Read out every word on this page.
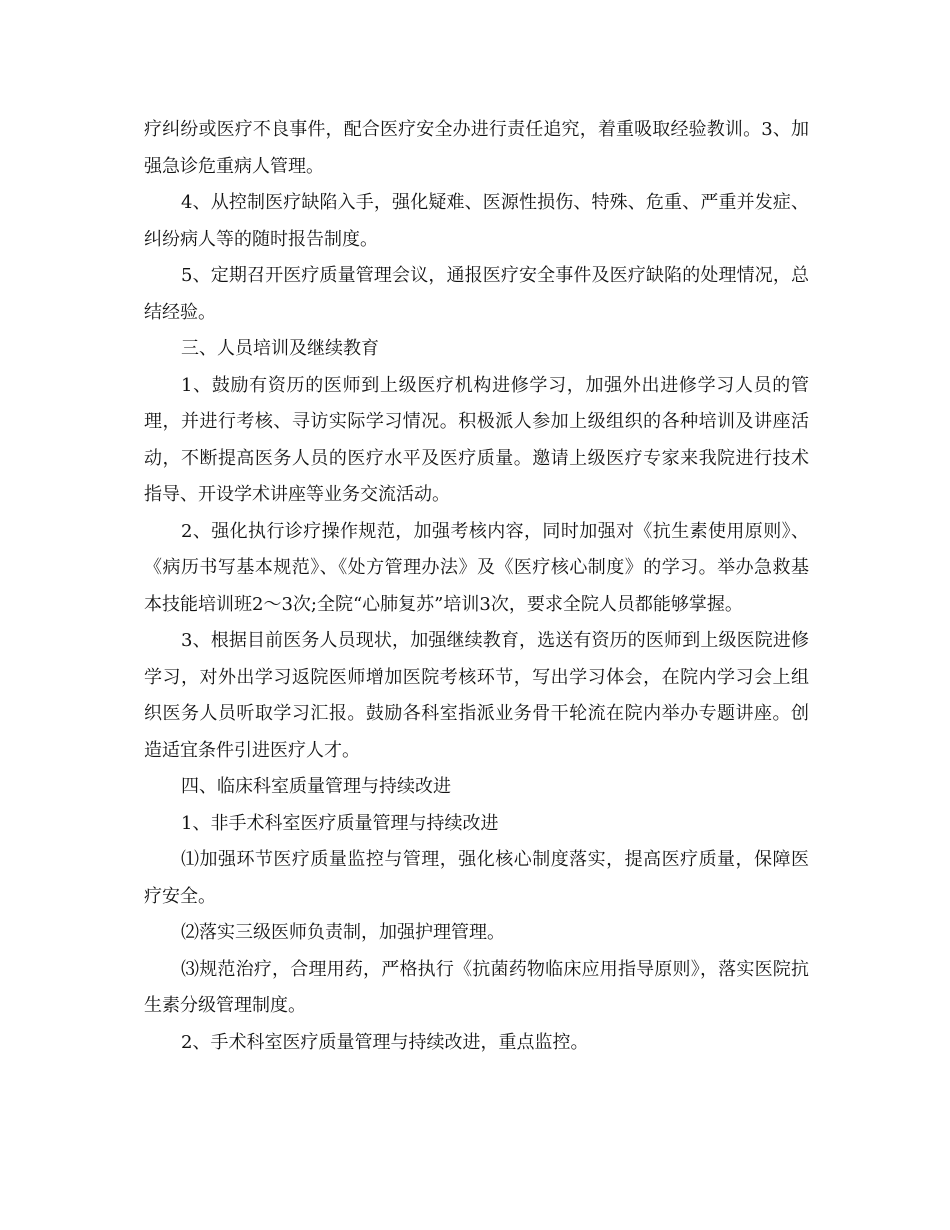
疗纠纷或医疗不良事件，配合医疗安全办进行责任追究，着重吸取经验教训。3、加强急诊危重病人管理。

4、从控制医疗缺陷入手，强化疑难、医源性损伤、特殊、危重、严重并发症、纠纷病人等的随时报告制度。

5、定期召开医疗质量管理会议，通报医疗安全事件及医疗缺陷的处理情况，总结经验。

三、人员培训及继续教育

1、鼓励有资历的医师到上级医疗机构进修学习，加强外出进修学习人员的管理，并进行考核、寻访实际学习情况。积极派人参加上级组织的各种培训及讲座活动，不断提高医务人员的医疗水平及医疗质量。邀请上级医疗专家来我院进行技术指导、开设学术讲座等业务交流活动。

2、强化执行诊疗操作规范，加强考核内容，同时加强对《抗生素使用原则》、《病历书写基本规范》、《处方管理办法》及《医疗核心制度》的学习。举办急救基本技能培训班2～3次;全院“心肺复苏”培训3次，要求全院人员都能够掌握。

3、根据目前医务人员现状，加强继续教育，选送有资历的医师到上级医院进修学习，对外出学习返院医师增加医院考核环节，写出学习体会，在院内学习会上组织医务人员听取学习汇报。鼓励各科室指派业务骨干轮流在院内举办专题讲座。创造适宜条件引进医疗人才。

四、临床科室质量管理与持续改进

1、非手术科室医疗质量管理与持续改进

⑴加强环节医疗质量监控与管理，强化核心制度落实，提高医疗质量，保障医疗安全。

⑵落实三级医师负责制，加强护理管理。

⑶规范治疗，合理用药，严格执行《抗菌药物临床应用指导原则》，落实医院抗生素分级管理制度。

2、手术科室医疗质量管理与持续改进，重点监控。
